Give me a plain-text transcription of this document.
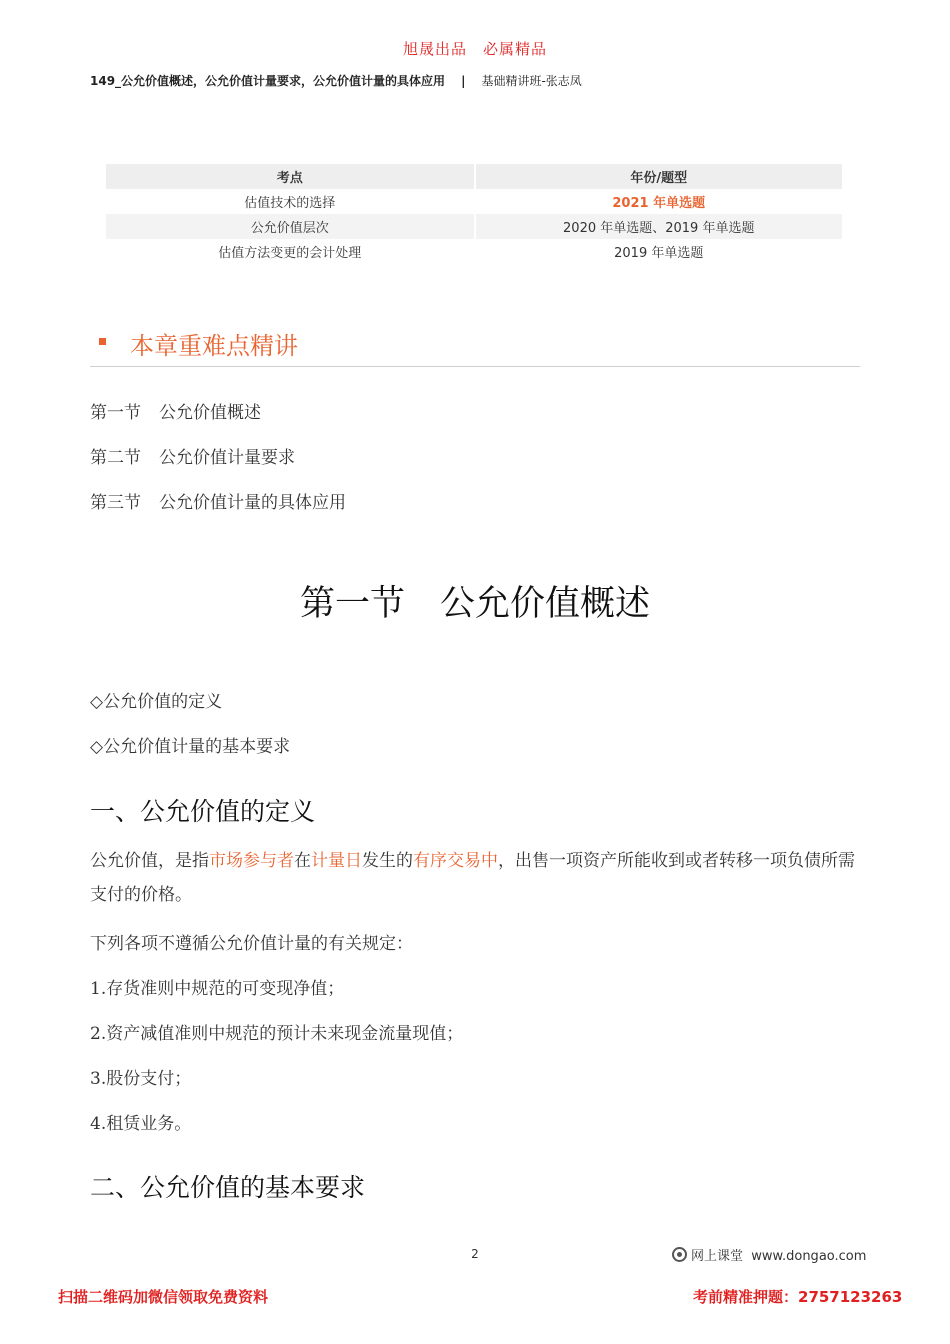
旭晟出品　必属精品
149_公允价值概述，公允价值计量要求，公允价值计量的具体应用 | 基础精讲班-张志凤
考点	年份/题型
估值技术的选择	2021 年单选题
公允价值层次	2020 年单选题、2019 年单选题
估值方法变更的会计处理	2019 年单选题
本章重难点精讲
第一节 公允价值概述
第二节 公允价值计量要求
第三节 公允价值计量的具体应用
第一节　公允价值概述
◇公允价值的定义
◇公允价值计量的基本要求
一、公允价值的定义
公允价值，是指市场参与者在计量日发生的有序交易中，出售一项资产所能收到或者转移一项负债所需支付的价格。
下列各项不遵循公允价值计量的有关规定：
1.存货准则中规范的可变现净值；
2.资产减值准则中规范的预计未来现金流量现值；
3.股份支付；
4.租赁业务。
二、公允价值的基本要求
2	网上课堂 www.dongao.com
扫描二维码加微信领取免费资料	考前精准押题：2757123263
